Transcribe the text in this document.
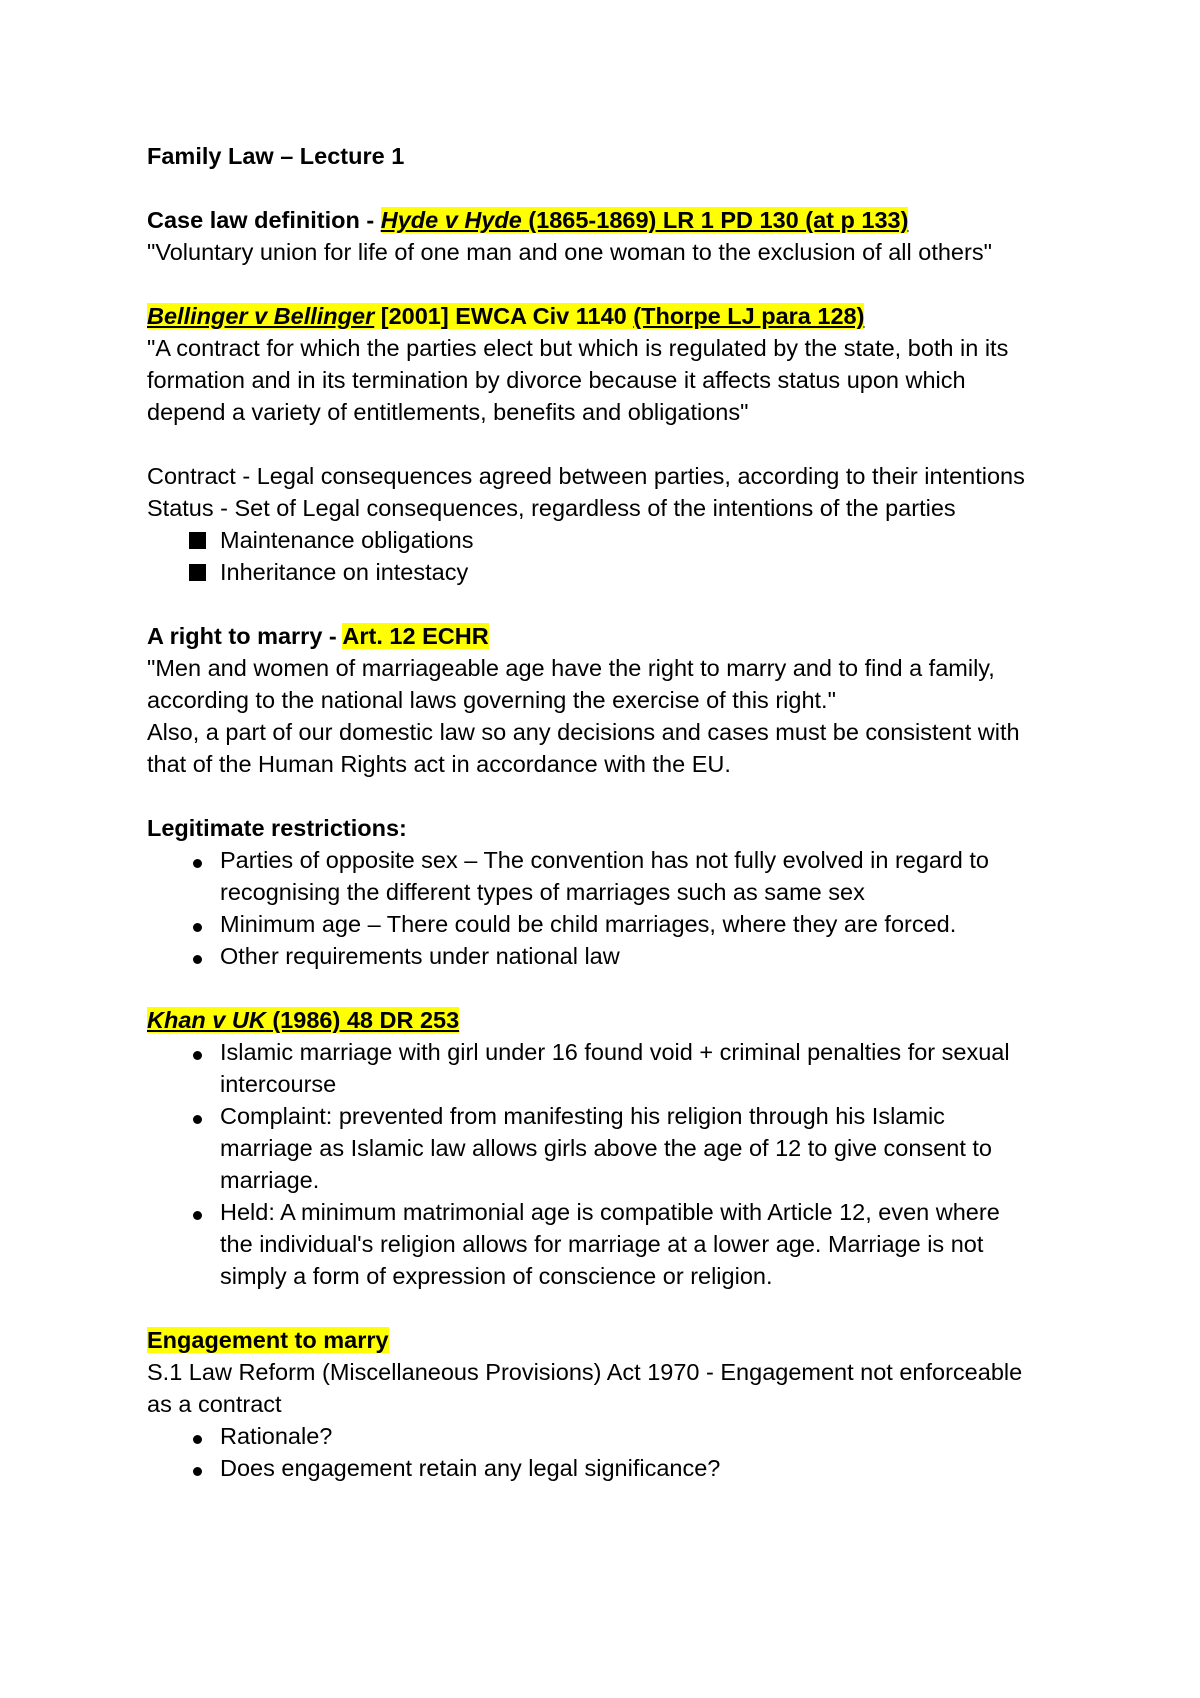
Family Law – Lecture 1
Case law definition - Hyde v Hyde (1865-1869) LR 1 PD 130 (at p 133)
"Voluntary union for life of one man and one woman to the exclusion of all others"
Bellinger v Bellinger [2001] EWCA Civ 1140 (Thorpe LJ para 128)
"A contract for which the parties elect but which is regulated by the state, both in its
formation and in its termination by divorce because it affects status upon which
depend a variety of entitlements, benefits and obligations"
Contract - Legal consequences agreed between parties, according to their intentions
Status - Set of Legal consequences, regardless of the intentions of the parties
Maintenance obligations
Inheritance on intestacy
A right to marry - Art. 12 ECHR
"Men and women of marriageable age have the right to marry and to find a family,
according to the national laws governing the exercise of this right."
Also, a part of our domestic law so any decisions and cases must be consistent with
that of the Human Rights act in accordance with the EU.
Legitimate restrictions:
Parties of opposite sex – The convention has not fully evolved in regard to
recognising the different types of marriages such as same sex
Minimum age – There could be child marriages, where they are forced.
Other requirements under national law
Khan v UK (1986) 48 DR 253
Islamic marriage with girl under 16 found void + criminal penalties for sexual
intercourse
Complaint: prevented from manifesting his religion through his Islamic
marriage as Islamic law allows girls above the age of 12 to give consent to
marriage.
Held: A minimum matrimonial age is compatible with Article 12, even where
the individual's religion allows for marriage at a lower age. Marriage is not
simply a form of expression of conscience or religion.
Engagement to marry
S.1 Law Reform (Miscellaneous Provisions) Act 1970 - Engagement not enforceable
as a contract
Rationale?
Does engagement retain any legal significance?
